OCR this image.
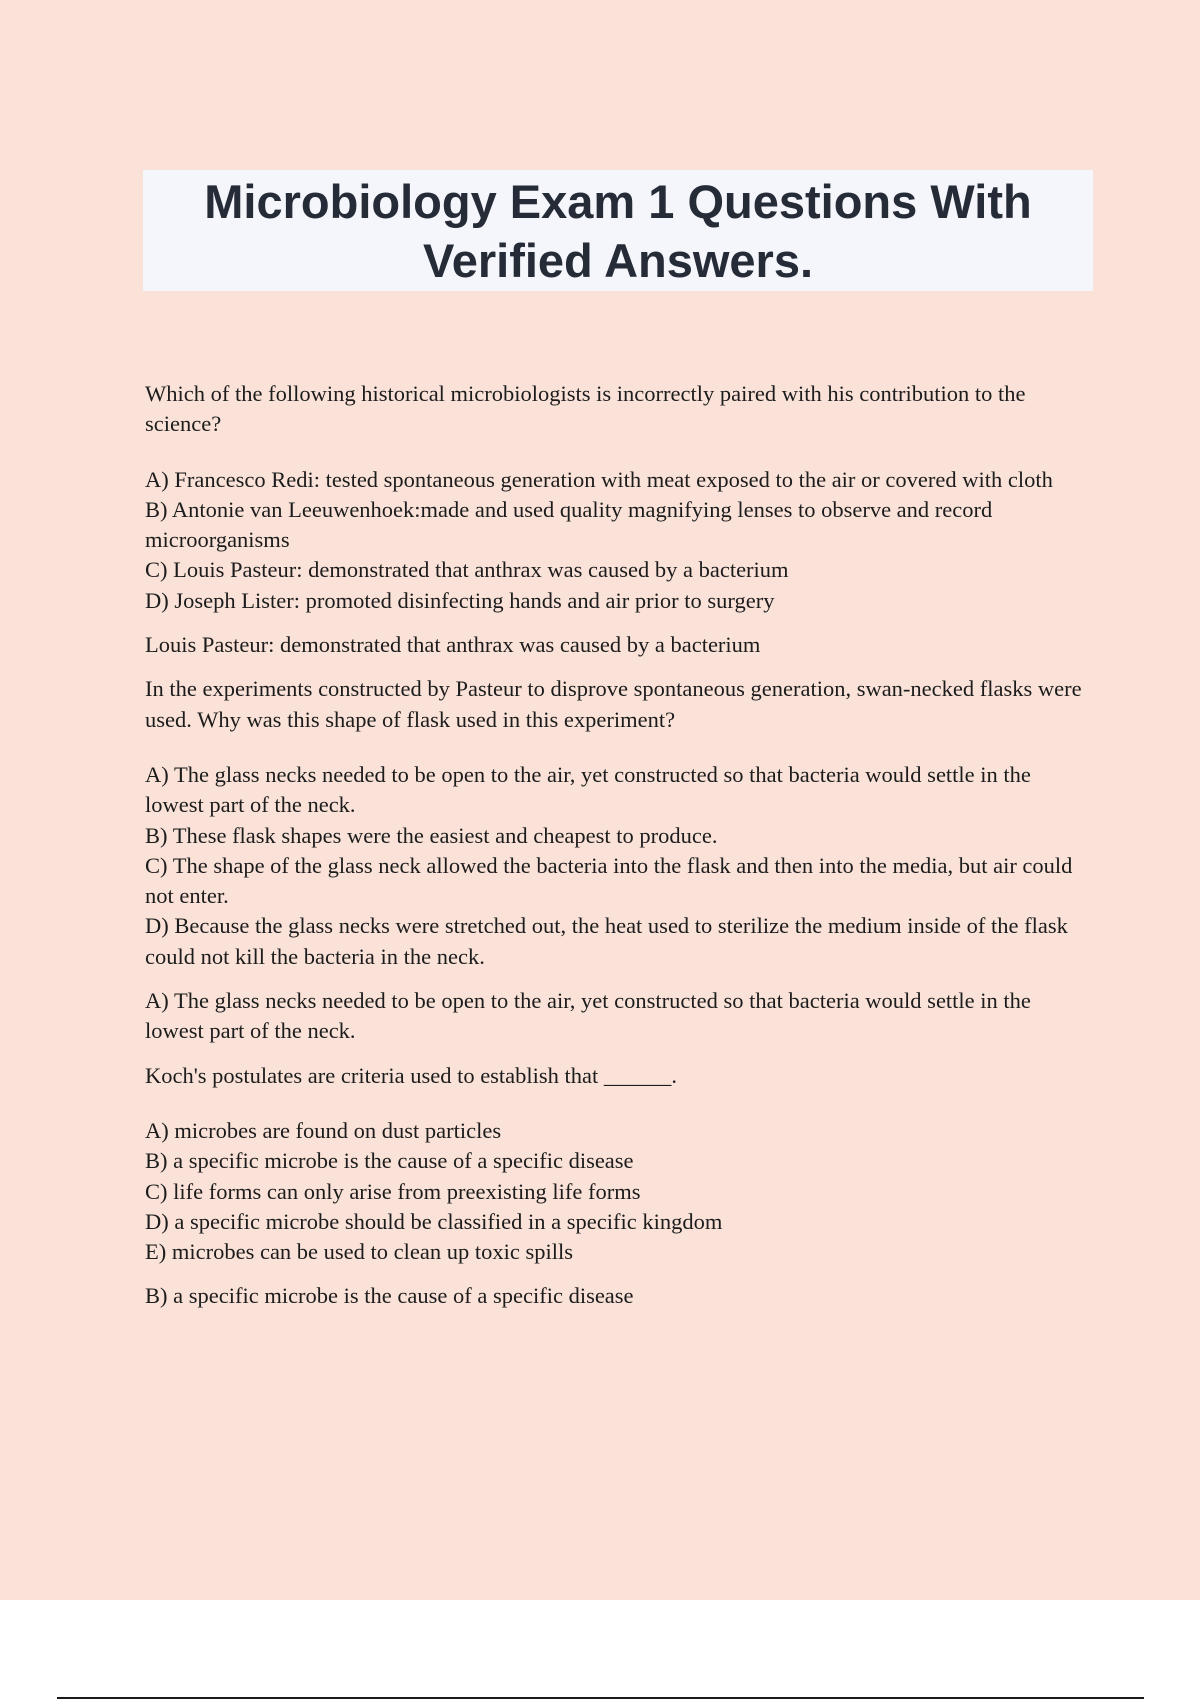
Microbiology Exam 1 Questions With Verified Answers.

Which of the following historical microbiologists is incorrectly paired with his contribution to the science?

A) Francesco Redi: tested spontaneous generation with meat exposed to the air or covered with cloth

B) Antonie van Leeuwenhoek:made and used quality magnifying lenses to observe and record microorganisms

C) Louis Pasteur: demonstrated that anthrax was caused by a bacterium

D) Joseph Lister: promoted disinfecting hands and air prior to surgery

Louis Pasteur: demonstrated that anthrax was caused by a bacterium

In the experiments constructed by Pasteur to disprove spontaneous generation, swan-necked flasks were used. Why was this shape of flask used in this experiment?

A) The glass necks needed to be open to the air, yet constructed so that bacteria would settle in the lowest part of the neck.

B) These flask shapes were the easiest and cheapest to produce.

C) The shape of the glass neck allowed the bacteria into the flask and then into the media, but air could not enter.

D) Because the glass necks were stretched out, the heat used to sterilize the medium inside of the flask could not kill the bacteria in the neck.

A) The glass necks needed to be open to the air, yet constructed so that bacteria would settle in the lowest part of the neck.

Koch's postulates are criteria used to establish that ______.

A) microbes are found on dust particles

B) a specific microbe is the cause of a specific disease

C) life forms can only arise from preexisting life forms

D) a specific microbe should be classified in a specific kingdom

E) microbes can be used to clean up toxic spills

B) a specific microbe is the cause of a specific disease
